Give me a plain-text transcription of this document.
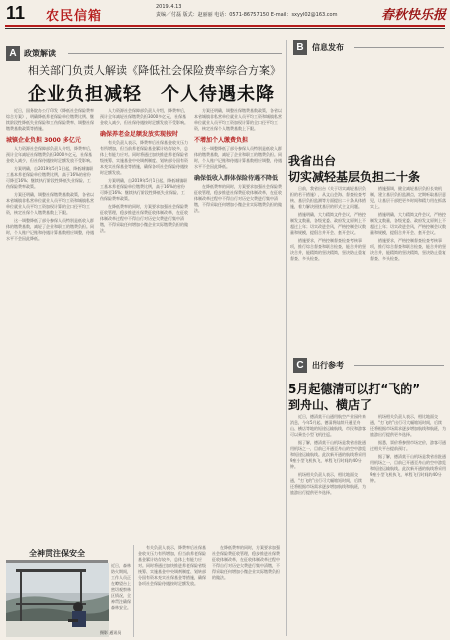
11 农民信箱
2019.4.13
责编／付磊 版式：赵丽丽 电话：0571-86757150 E-mail：sxyyl02@163.com	春秋快乐报
A 政策解读
相关部门负责人解读《降低社会保险费率综合方案》
企业负担减轻　个人待遇未降

近日，国务院办公厅印发《降低社会保险费率综合方案》，明确降低养老保险单位缴费比例、继续阶段性降低失业保险和工伤保险费率、调整社保缴费基数政策等措施。

城镇企业负担 3000 多亿元

人力资源社会保障部负责人介绍，降费率后，预计全年减轻社保缴费负担3000多亿元，社保基金收入减少，但社保待遇按时足额发放不受影响。

方案明确，自2019年5月1日起，降低城镇职工基本养老保险单位缴费比例，高于16%的省份可降至16%；继续执行阶段性降低失业保险、工伤保险费率政策。

方案还明确，调整社保缴费基数政策，各省以本省城镇非私营单位就业人员平均工资和城镇私营单位就业人员平均工资加权计算的全口径平均工资，核定社保个人缴费基数上下限。

这一调整降低了部分参保人员特别是低收入群体的缴费基数，减轻了企业和职工的缴费负担。同时，个人账户记账和待遇计算基数相应调整，待遇水平不会因此降低。

人力资源社会保障部负责人介绍，降费率后，预计全年减轻社保缴费负担3000多亿元，社保基金收入减少，但社保待遇按时足额发放不受影响。

确保养老金足额发放实现按时

有关负责人表示，降费率后社保基金收支压力有所增加，但当前养老保险基金累计结存较多，总体上有能力应对。同时将通过加快推进养老保险省级统筹、实施基金中央调剂制度、划转部分国有资本充实社保基金等措施，确保各项社会保险待遇按时足额发放。

方案明确，自2019年5月1日起，降低城镇职工基本养老保险单位缴费比例，高于16%的省份可降至16%；继续执行阶段性降低失业保险、工伤保险费率政策。

在降低费率的同时，方案要求加强社会保险费征收管理，稳步推进社保费征收体制改革，在征收体制改革过程中不得自行对历史欠费进行集中清缴，不得采取任何增加小微企业实际缴费负担的做法。

方案还明确，调整社保缴费基数政策，各省以本省城镇非私营单位就业人员平均工资和城镇私营单位就业人员平均工资加权计算的全口径平均工资，核定社保个人缴费基数上下限。

不增加个人缴费负担

这一调整降低了部分参保人员特别是低收入群体的缴费基数，减轻了企业和职工的缴费负担。同时，个人账户记账和待遇计算基数相应调整，待遇水平不会因此降低。

确保低收入群体保险待遇不降低

在降低费率的同时，方案要求加强社会保险费征收管理，稳步推进社保费征收体制改革，在征收体制改革过程中不得自行对历史欠费进行集中清缴，不得采取任何增加小微企业实际缴费负担的做法。

B	信息发布
我省出台
切实减轻基层负担二十条

日前，我省出台《关于切实减轻基层负担的若干措施》，从文山会海、督查检查考核、基层负担监测等方面提出二十条具体措施，着力解决困扰基层的形式主义问题。

措施明确，大力精简文件会议，严格控制发文数量，各级党委、政府发文原则上不超过上年；切实改进会风，严格控制会议数量和规模，提倡合并开会、套开会议。

措施要求，严格控制督查检查考核事项，推行综合督查和联合检查，能合并的坚决合并，能精简的坚决精简，坚决防止重复督查、多头检查。

措施强调，健全减轻基层负担长效机制，建立基层负担监测点，定期听取基层意见，让基层干部把更多时间和精力用在抓落实上。

措施明确，大力精简文件会议，严格控制发文数量，各级党委、政府发文原则上不超过上年；切实改进会风，严格控制会议数量和规模，提倡合并开会、套开会议。

措施要求，严格控制督查检查考核事项，推行综合督查和联合检查，能合并的坚决合并，能精简的坚决精简，坚决防止重复督查、多头检查。

C	出行参考
5月起德清可以打“飞的”
到舟山、横店了

近日，德清莫干山通用航空产业园传来消息，今年5月起，德清将陆续开通至舟山、横店等地的短途运输航线，市民和游客可以乘坐小型飞机往返。

据了解，德清莫干山机场是我省首批通用机场之一，目前已开通至舟山的空中游览和短途运输航线。此次新开通的航线将采用9座小型飞机执飞，单程飞行时间约40分钟。

机场相关负责人表示，相比地面交通，“打飞的”出行可大幅缩短时间，后续还将根据市场需求逐步增加航线和航班，为旅游出行提供更多选择。

机场相关负责人表示，相比地面交通，“打飞的”出行可大幅缩短时间，后续还将根据市场需求逐步增加航线和航班，为旅游出行提供更多选择。

据悉，票价将参照市场定价，游客可通过相关平台提前预订。

据了解，德清莫干山机场是我省首批通用机场之一，目前已开通至舟山的空中游览和短途运输航线。此次新开通的航线将采用9座小型飞机执飞，单程飞行时间约40分钟。

全神贯注保安全

近日，森林防火期间，工作人员正在瞭望台上密切观察林区情况，全神贯注确保森林安全。

摄影 通讯员

有关负责人表示，降费率后社保基金收支压力有所增加，但当前养老保险基金累计结存较多，总体上有能力应对。同时将通过加快推进养老保险省级统筹、实施基金中央调剂制度、划转部分国有资本充实社保基金等措施，确保各项社会保险待遇按时足额发放。

在降低费率的同时，方案要求加强社会保险费征收管理，稳步推进社保费征收体制改革，在征收体制改革过程中不得自行对历史欠费进行集中清缴，不得采取任何增加小微企业实际缴费负担的做法。
